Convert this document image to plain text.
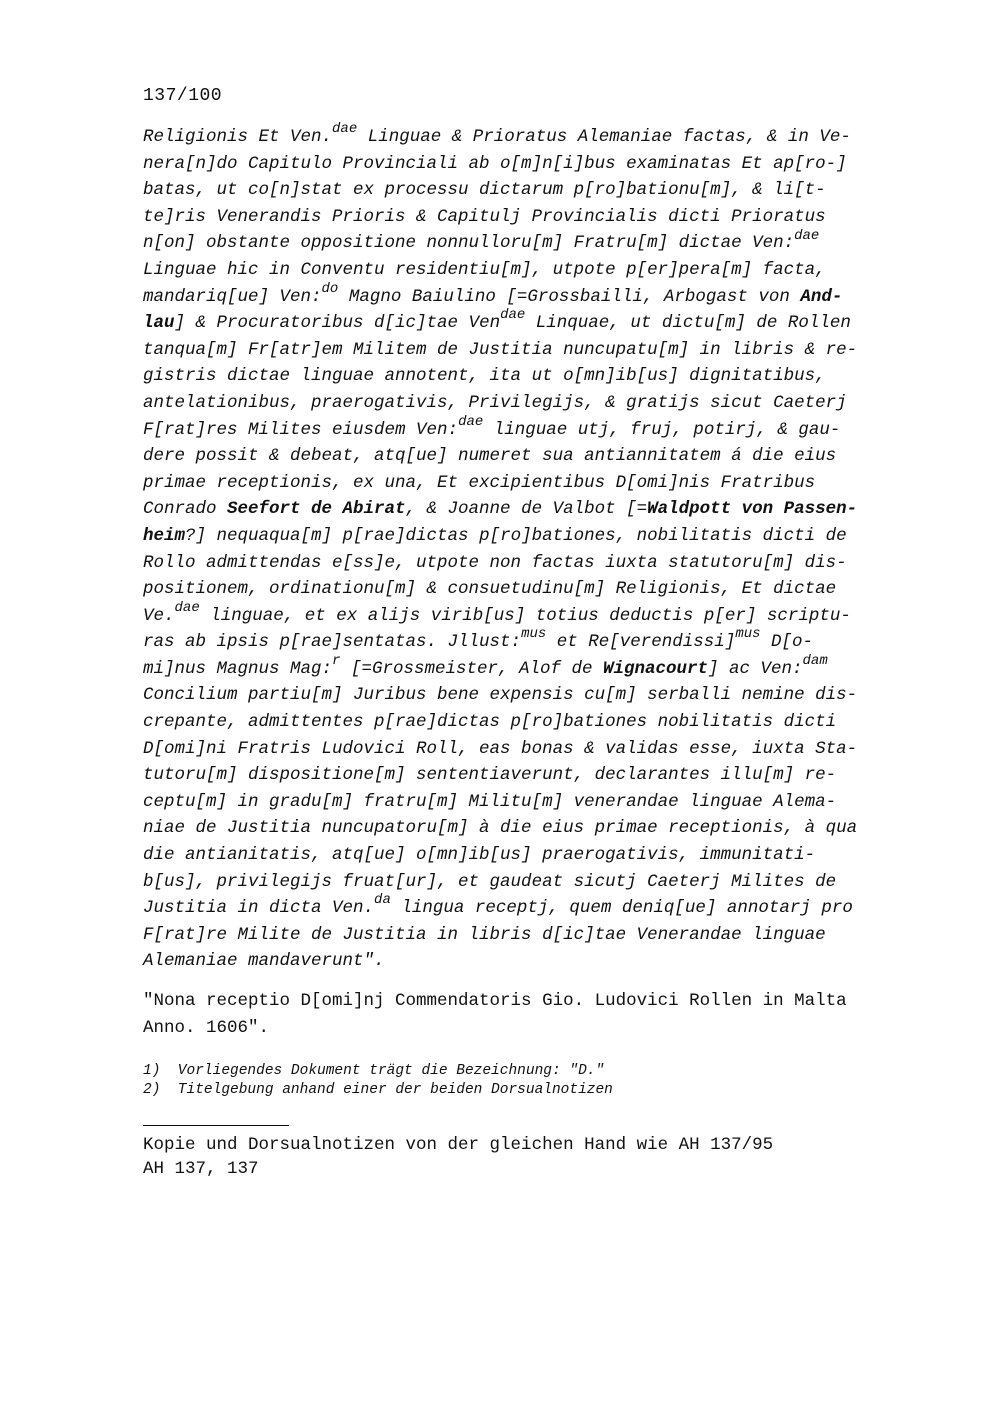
137/100
Religionis Et Ven.$^{dae}$ Linguae & Prioratus Alemaniae factas, & in Ve-
nera[n]do Capitulo Provinciali ab o[m]n[i]bus examinatas Et ap[ro-]
batas, ut co[n]stat ex processu dictarum p[ro]bationu[m], & li[t-
te]ris Venerandis Prioris & Capitulj Provincialis dicti Prioratus
n[on] obstante oppositione nonnulloru[m] Fratru[m] dictae Ven:$^{dae}$
Linguae hic in Conventu residentiu[m], utpote p[er]pera[m] facta,
mandariq[ue] Ven:$^{do}$ Magno Baiulino [=Grossbailli, Arbogast von And-
lau] & Procuratoribus d[ic]tae Ven$^{dae}$ Linquae, ut dictu[m] de Rollen
tanqua[m] Fr[atr]em Militem de Justitia nuncupatu[m] in libris & re-
gistris dictae linguae annotent, ita ut o[mn]ib[us] dignitatibus,
antelationibus, praerogativis, Privilegijs, & gratijs sicut Caeterj
F[rat]res Milites eiusdem Ven:$^{dae}$ linguae utj, fruj, potirj, & gau-
dere possit & debeat, atq[ue] numeret sua antiannitatem á die eius
primae receptionis, ex una, Et excipientibus D[omi]nis Fratribus
Conrado Seefort de Abirat, & Joanne de Valbot [=Waldpott von Passen-
heim?] nequaqua[m] p[rae]dictas p[ro]bationes, nobilitatis dicti de
Rollo admittendas e[ss]e, utpote non factas iuxta statutoru[m] dis-
positionem, ordinationu[m] & consuetudinu[m] Religionis, Et dictae
Ve.$^{dae}$ linguae, et ex alijs virib[us] totius deductis p[er] scriptu-
ras ab ipsis p[rae]sentatas. Jllust:$^{mus}$ et Re[verendissi]$^{mus}$ D[o-
mi]nus Magnus Mag:$^r$ [=Grossmeister, Alof de Wignacourt] ac Ven:$^{dam}$
Concilium partiu[m] Juribus bene expensis cu[m] serballi nemine dis-
crepante, admittentes p[rae]dictas p[ro]bationes nobilitatis dicti
D[omi]ni Fratris Ludovici Roll, eas bonas & validas esse, iuxta Sta-
tutoru[m] dispositione[m] sententiaverunt, declarantes illu[m] re-
ceptu[m] in gradu[m] fratru[m] Militu[m] venerandae linguae Alema-
niae de Justitia nuncupatoru[m] à die eius primae receptionis, à qua
die antianitatis, atq[ue] o[mn]ib[us] praerogativis, immunitati-
b[us], privilegijs fruat[ur], et gaudeat sicutj Caeterj Milites de
Justitia in dicta Ven.$^{da}$ lingua receptj, quem deniq[ue] annotarj pro
F[rat]re Milite de Justitia in libris d[ic]tae Venerandae linguae
Alemaniae mandaverunt".
"Nona receptio D[omi]nj Commendatoris Gio. Ludovici Rollen in Malta
Anno. 1606".
1)  Vorliegendes Dokument trägt die Bezeichnung: "D."
2)  Titelgebung anhand einer der beiden Dorsualnotizen
Kopie und Dorsualnotizen von der gleichen Hand wie AH 137/95
AH 137, 137
